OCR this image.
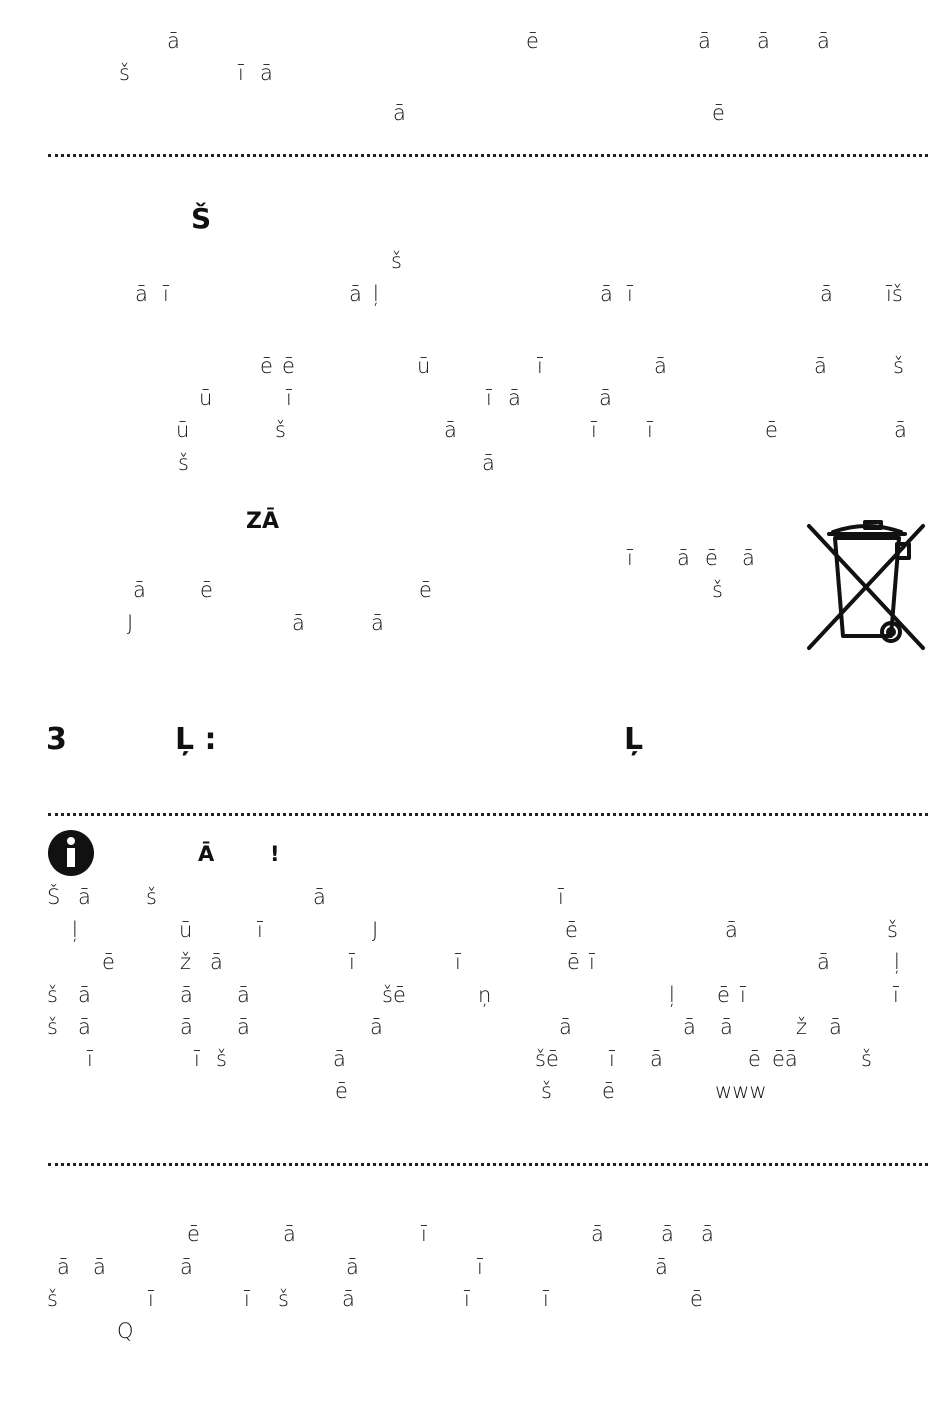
ā	ē	ā ā ā
š	ī ā
ā	ē
Š
š
ā ī	ā ļ	ā ī	ā	īš
ē ē	ū	ī	ā	ā	š
ū	ī	ī ā	ā
ū	š	ā	ī ī	ē	ā
š	ā
ZĀ
ī ā ē ā
ā	ē	ē	š
J	ā	ā
3	Ļ :	Ļ
Ā	!
Š ā	š	ā	ī
ļ	ū	ī	J	ē	ā	š
ē	ž ā	ī	ī	ē ī	ā	ļ
š ā	ā ā	šē	ņ	ļ ē ī	ī
š ā	ā ā	ā	ā	ā ā	ž ā
ī	ī š	ā	šē ī ā	ē ēā	š
ē	š ē	www
ē	ā	ī	ā	ā ā
ā ā	ā	ā	ī	ā
š	ī	ī š	ā	ī	ī	ē
Q
